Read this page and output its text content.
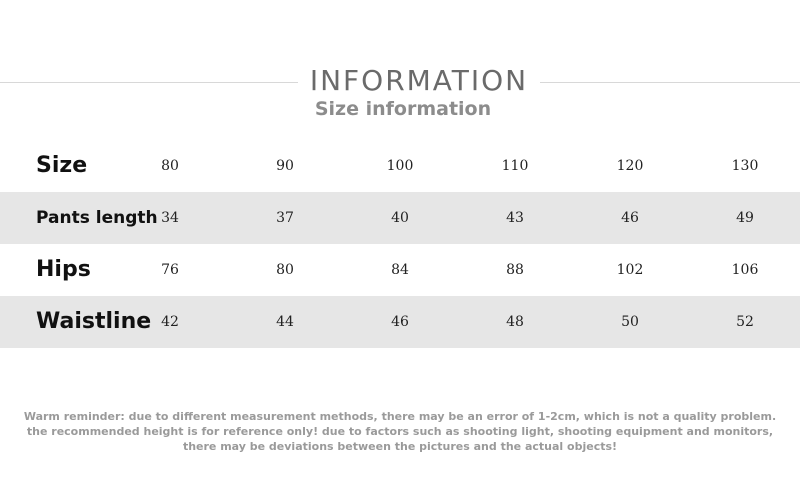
INFORMATION
Size information
Size	80	90	100	110	120	130
Pants length 34	37	40	43	46	49
Hips	76	80	84	88	102	106
Waistline 42	44	46	48	50	52
Warm reminder: due to different measurement methods, there may be an error of 1-2cm, which is not a quality problem.
the recommended height is for reference only! due to factors such as shooting light, shooting equipment and monitors,
there may be deviations between the pictures and the actual objects!
